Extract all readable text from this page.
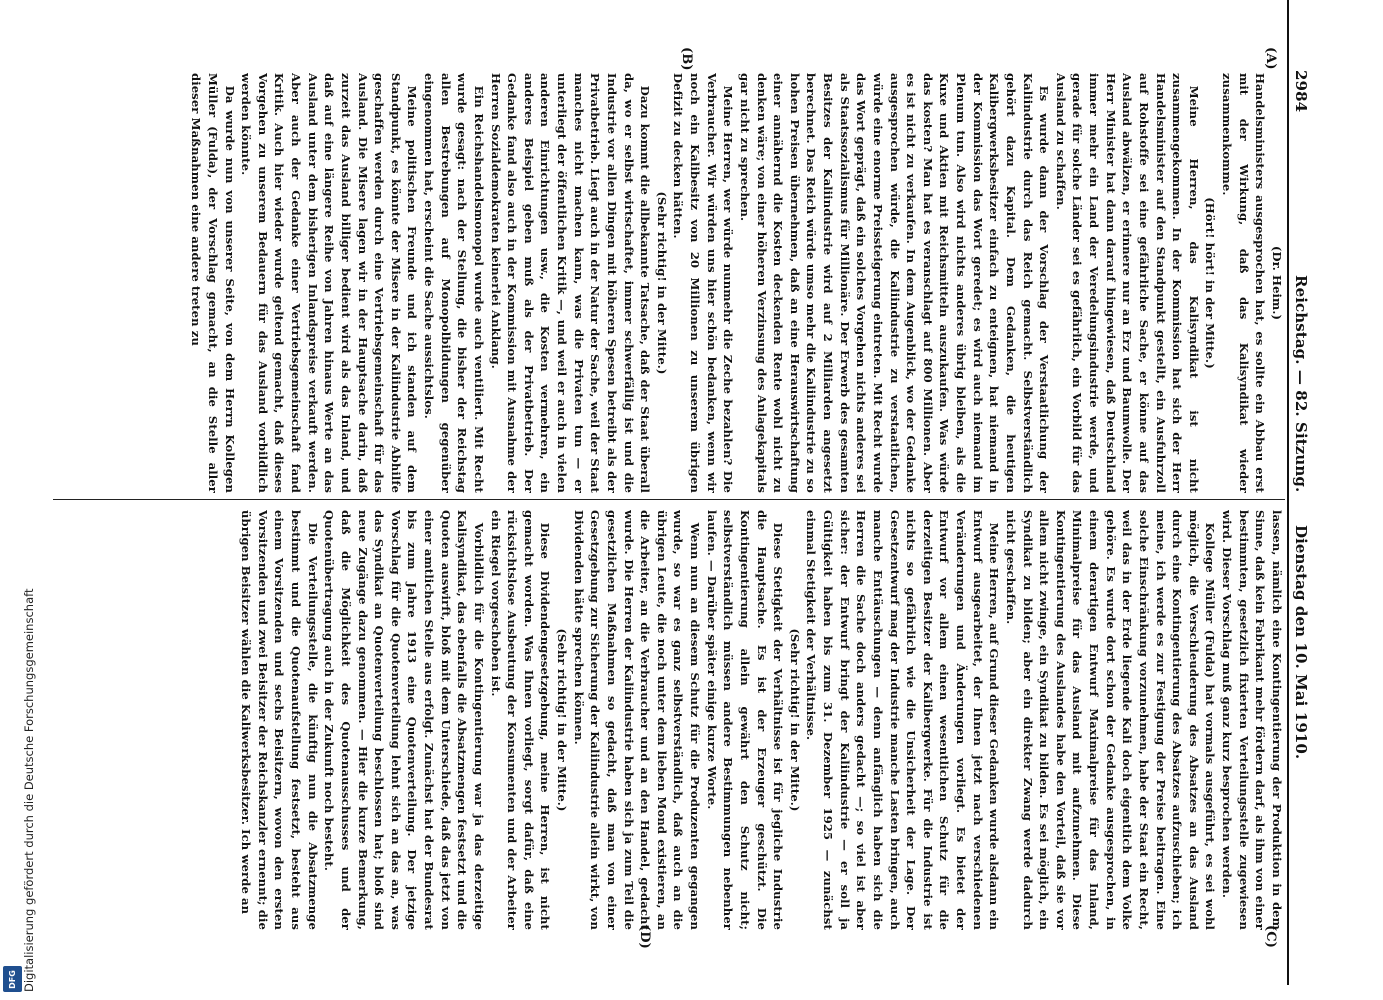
2984
Reichstag. — 82. Sitzung.
Dienstag den 10. Mai 1910.
(A)
(B)
(C)
(D)

(Dr. Heim.)

Handelsministers ausgesprochen hat, es sollte ein Abbau erst mit der Wirkung, daß das Kalisyndikat wieder zusammenkomme.

(Hört! hört! in der Mitte.)

Meine Herren, das Kalisyndikat ist nicht zusammengekommen. In der Kommission hat sich der Herr Handelsminister auf den Standpunkt gestellt, ein Ausfuhrzoll auf Rohstoffe sei eine gefährliche Sache, er könne auf das Ausland abwälzen, er erinnere nur an Erz und Baumwolle. Der Herr Minister hat dann darauf hingewiesen, daß Deutschland immer mehr ein Land der Veredelungsindustrie werde, und gerade für solche Länder sei es gefährlich, ein Vorbild für das Ausland zu schaffen.

Es wurde dann der Vorschlag der Verstaatlichung der Kaliindustrie durch das Reich gemacht. Selbstverständlich gehört dazu Kapital. Dem Gedanken, die heutigen Kalibergwerksbesitzer einfach zu enteignen, hat niemand in der Kommission das Wort geredet; es wird auch niemand im Plenum tun. Also wird nichts anderes übrig bleiben, als die Kuxe und Aktien mit Reichsmitteln auszukaufen. Was würde das kosten? Man hat es veranschlagt auf 800 Millionen. Aber es ist nicht zu verkaufen. In dem Augenblick, wo der Gedanke ausgesprochen würde, die Kaliindustrie zu verstaatlichen, würde eine enorme Preissteigerung eintreten. Mit Recht wurde das Wort geprägt, daß ein solches Vorgehen nichts anderes sei als Staatssozialismus für Millionäre. Der Erwerb des gesamten Besitzes der Kaliindustrie wird auf 2 Milliarden angesetzt berechnet. Das Reich würde umso mehr die Kaliindustrie zu so hohen Preisen übernehmen, daß an eine Herauswirtschaftung einer annähernd die Kosten deckenden Rente wohl nicht zu denken wäre; von einer höheren Verzinsung des Anlagekapitals gar nicht zu sprechen.

Meine Herren, wer würde nunmehr die Zeche bezahlen? Die Verbraucher. Wir würden uns hier schön bedanken, wenn wir noch ein Kalibesitz von 20 Millionen zu unserem übrigen Defizit zu decken hätten.

(Sehr richtig! in der Mitte.)

Dazu kommt die allbekannte Tatsache, daß der Staat überall da, wo er selbst wirtschaftet, immer schwerfällig ist und die Industrie vor allen Dingen mit höheren Spesen betreibt als der Privatbetrieb. Liegt auch in der Natur der Sache, weil der Staat manches nicht machen kann, was die Privaten tun — er unterliegt der öffentlichen Kritik —, und weil er auch in vielen anderen Einrichtungen usw., die Kosten vermehren, ein anderes Beispiel geben muß als der Privatbetrieb. Der Gedanke fand also auch in der Kommission mit Ausnahme der Herren Sozialdemokraten keinerlei Anklang.

Ein Reichshandelsmonopol wurde auch ventiliert. Mit Recht wurde gesagt: nach der Stellung, die bisher der Reichstag allen Bestrebungen auf Monopolbildungen gegenüber eingenommen hat, erscheint die Sache aussichtslos.

Meine politischen Freunde und ich standen auf dem Standpunkt, es könnte der Misere in der Kaliindustrie Abhilfe geschaffen werden durch eine Vertriebsgemeinschaft für das Ausland. Die Misere lagen wir in der Hauptsache darin, daß zurzeit das Ausland billiger bedient wird als das Inland, und daß auf eine längere Reihe von Jahren hinaus Werte an das Ausland unter dem bisherigen Inlandspreise verkauft werden. Aber auch der Gedanke einer Vertriebsgemeinschaft fand Kritik. Auch hier wieder wurde geltend gemacht, daß dieses Vorgehen zu unserem Bedauern für das Ausland vorbildlich werden könnte.

Da wurde nun von unserer Seite, von dem Herrn Kollegen Müller (Fulda), der Vorschlag gemacht, an die Stelle aller dieser Maßnahmen eine andere treten zu

lassen, nämlich eine Kontingentierung der Produktion in dem Sinne, daß kein Fabrikant mehr fördern darf, als ihm von einer bestimmten, gesetzlich fixierten Verteilungsstelle zugewiesen wird. Dieser Vorschlag muß ganz kurz besprochen werden.

Kollege Müller (Fulda) hat vormals ausgeführt, es sei wohl möglich, die Verschleuderung des Absatzes an das Ausland durch eine Kontingentierung des Absatzes aufzuschieben; ich meine, ich werde es zur Festigung der Preise beitragen. Eine solche Einschränkung vorzunehmen, habe der Staat ein Recht, weil das in der Erde liegende Kali doch eigentlich dem Volke gehöre. Es wurde dort schon der Gedanke ausgesprochen, in einem derartigen Entwurf Maximalpreise für das Inland, Minimalpreise für das Ausland mit aufzunehmen. Diese Kontingentierung des Auslandes habe den Vorteil, daß sie vor allem nicht zwinge, ein Syndikat zu bilden. Es sei möglich, ein Syndikat zu bilden; aber ein direkter Zwang werde dadurch nicht geschaffen.

Meine Herren, auf Grund dieser Gedanken wurde alsdann ein Entwurf ausgearbeitet, der Ihnen jetzt nach verschiedenen Veränderungen und Änderungen vorliegt. Es bietet der Entwurf vor allem einen wesentlichen Schutz für die derzeitigen Besitzer der Kalibergwerke. Für die Industrie ist nichts so gefährlich wie die Unsicherheit der Lage. Der Gesetzentwurf mag der Industrie manche Lasten bringen, auch manche Enttäuschungen — denn anfänglich haben sich die Herren die Sache doch anders gedacht —; so viel ist aber sicher: der Entwurf bringt der Kaliindustrie — er soll ja Gültigkeit haben bis zum 31. Dezember 1925 — zunächst einmal Stetigkeit der Verhältnisse.

(Sehr richtig! in der Mitte.)

Diese Stetigkeit der Verhältnisse ist für jegliche Industrie die Hauptsache. Es ist der Erzeuger geschützt. Die Kontingentierung allein gewährt den Schutz nicht; selbstverständlich müssen andere Bestimmungen nebenher laufen. — Darüber später einige kurze Worte.

Wenn nun an diesem Schutz für die Produzenten gegangen wurde, so war es ganz selbstverständlich, daß auch an die übrigen Leute, die noch unter dem lieben Mond existieren, an die Arbeiter, an die Verbraucher und an den Handel, gedacht wurde. Die Herren der Kaliindustrie haben sich ja zum Teil die gesetzlichen Maßnahmen so gedacht, daß man von einer Gesetzgebung zur Sicherung der Kaliindustrie allein wirkt, von Dividenden hätte sprechen können.

(Sehr richtig! in der Mitte.)

Diese Dividendengesetzgebung, meine Herren, ist nicht gemacht worden. Was Ihnen vorliegt, sorgt dafür, daß eine rücksichtslose Ausbeutung der Konsumenten und der Arbeiter ein Riegel vorgeschoben ist.

Vorbildlich für die Kontingentierung war ja das derzeitige Kalisyndikat, das ebenfalls die Absatzmengen festsetzt und die Quoten auswirft, bloß mit dem Unterschiede, daß das jetzt von einer amtlichen Stelle aus erfolgt. Zunächst hat der Bundesrat bis zum Jahre 1913 eine Quotenverteilung. Der jetzige Vorschlag für die Quotenverteilung lehnt sich an das an, was das Syndikat an Quotenverteilung beschlossen hat; bloß sind neue Zugänge dazu genommen. — Hier die kurze Bemerkung, daß die Möglichkeit des Quotenausschusses und der Quotenübertragung auch in der Zukunft noch besteht.

Die Verteilungsstelle, die künftig nun die Absatzmenge bestimmt und die Quotenaufstellung festsetzt, besteht aus einem Vorsitzenden und sechs Beisitzern, wovon den ersten Vorsitzenden und zwei Beisitzer der Reichskanzler ernennt; die übrigen Beisitzer wählen die Kaliwerksbesitzer. Ich werde an

Digitalisierung gefördert durch die Deutsche Forschungsgemeinschaft
DFG
